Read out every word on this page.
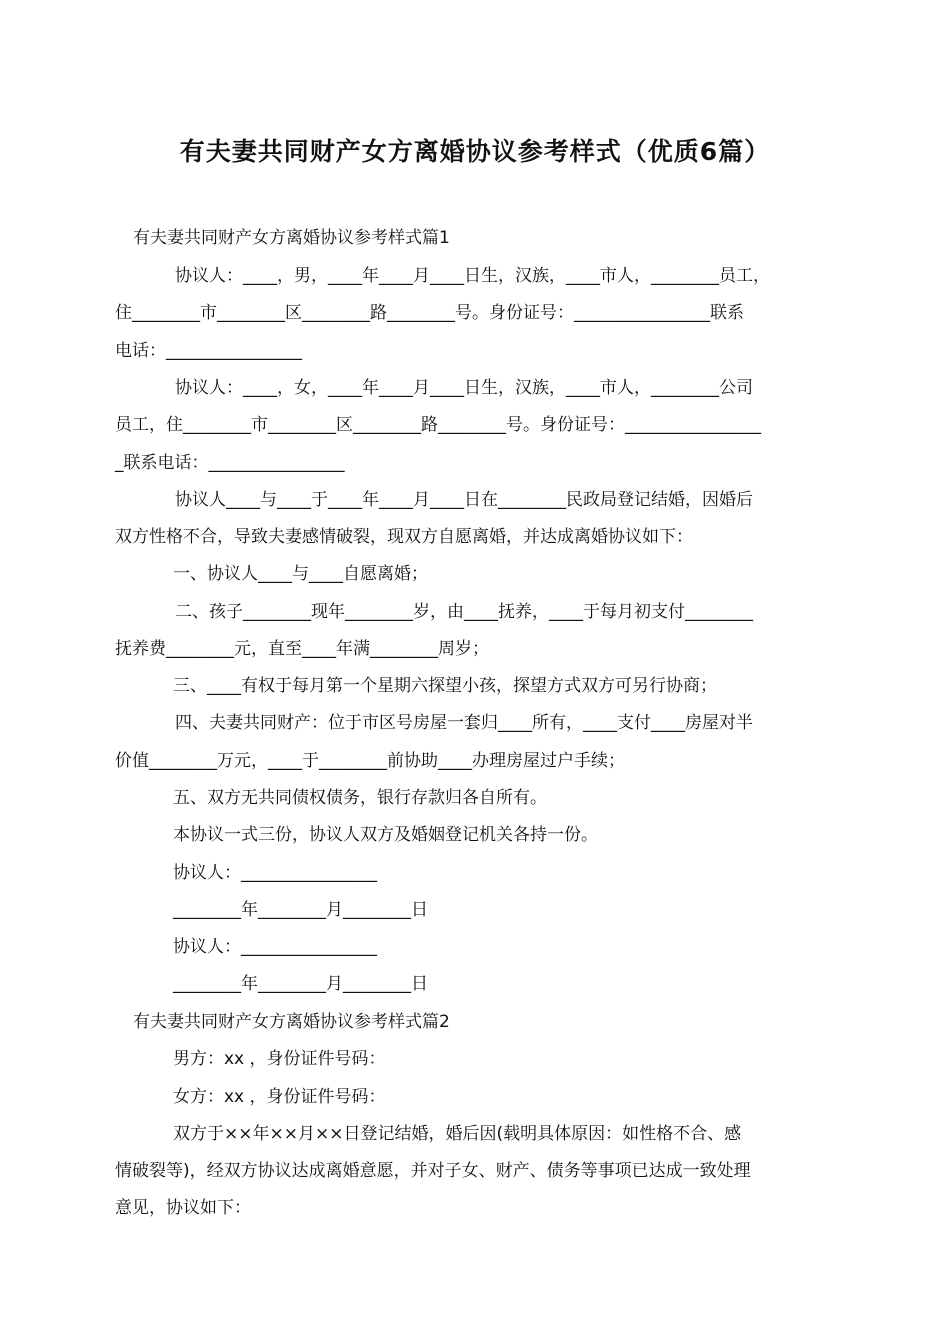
有夫妻共同财产女方离婚协议参考样式（优质6篇）
有夫妻共同财产女方离婚协议参考样式篇1
协议人：____，男，____年____月____日生，汉族，____市人，________员工，
住________市________区________路________号。身份证号：________________联系
电话：________________
协议人：____，女，____年____月____日生，汉族，____市人，________公司
员工，住________市________区________路________号。身份证号：________________
_联系电话：________________
协议人____与____于____年____月____日在________民政局登记结婚，因婚后
双方性格不合，导致夫妻感情破裂，现双方自愿离婚，并达成离婚协议如下：
一、协议人____与____自愿离婚；
二、孩子________现年________岁，由____抚养，____于每月初支付________
抚养费________元，直至____年满________周岁；
三、____有权于每月第一个星期六探望小孩，探望方式双方可另行协商；
四、夫妻共同财产：位于市区号房屋一套归____所有，____支付____房屋对半
价值________万元，____于________前协助____办理房屋过户手续；
五、双方无共同债权债务，银行存款归各自所有。
本协议一式三份，协议人双方及婚姻登记机关各持一份。
协议人：________________
________年________月________日
协议人：________________
________年________月________日
有夫妻共同财产女方离婚协议参考样式篇2
男方：xx ，身份证件号码：
女方：xx ，身份证件号码：
双方于××年××月××日登记结婚，婚后因(载明具体原因：如性格不合、感
情破裂等)，经双方协议达成离婚意愿，并对子女、财产、债务等事项已达成一致处理
意见，协议如下：
